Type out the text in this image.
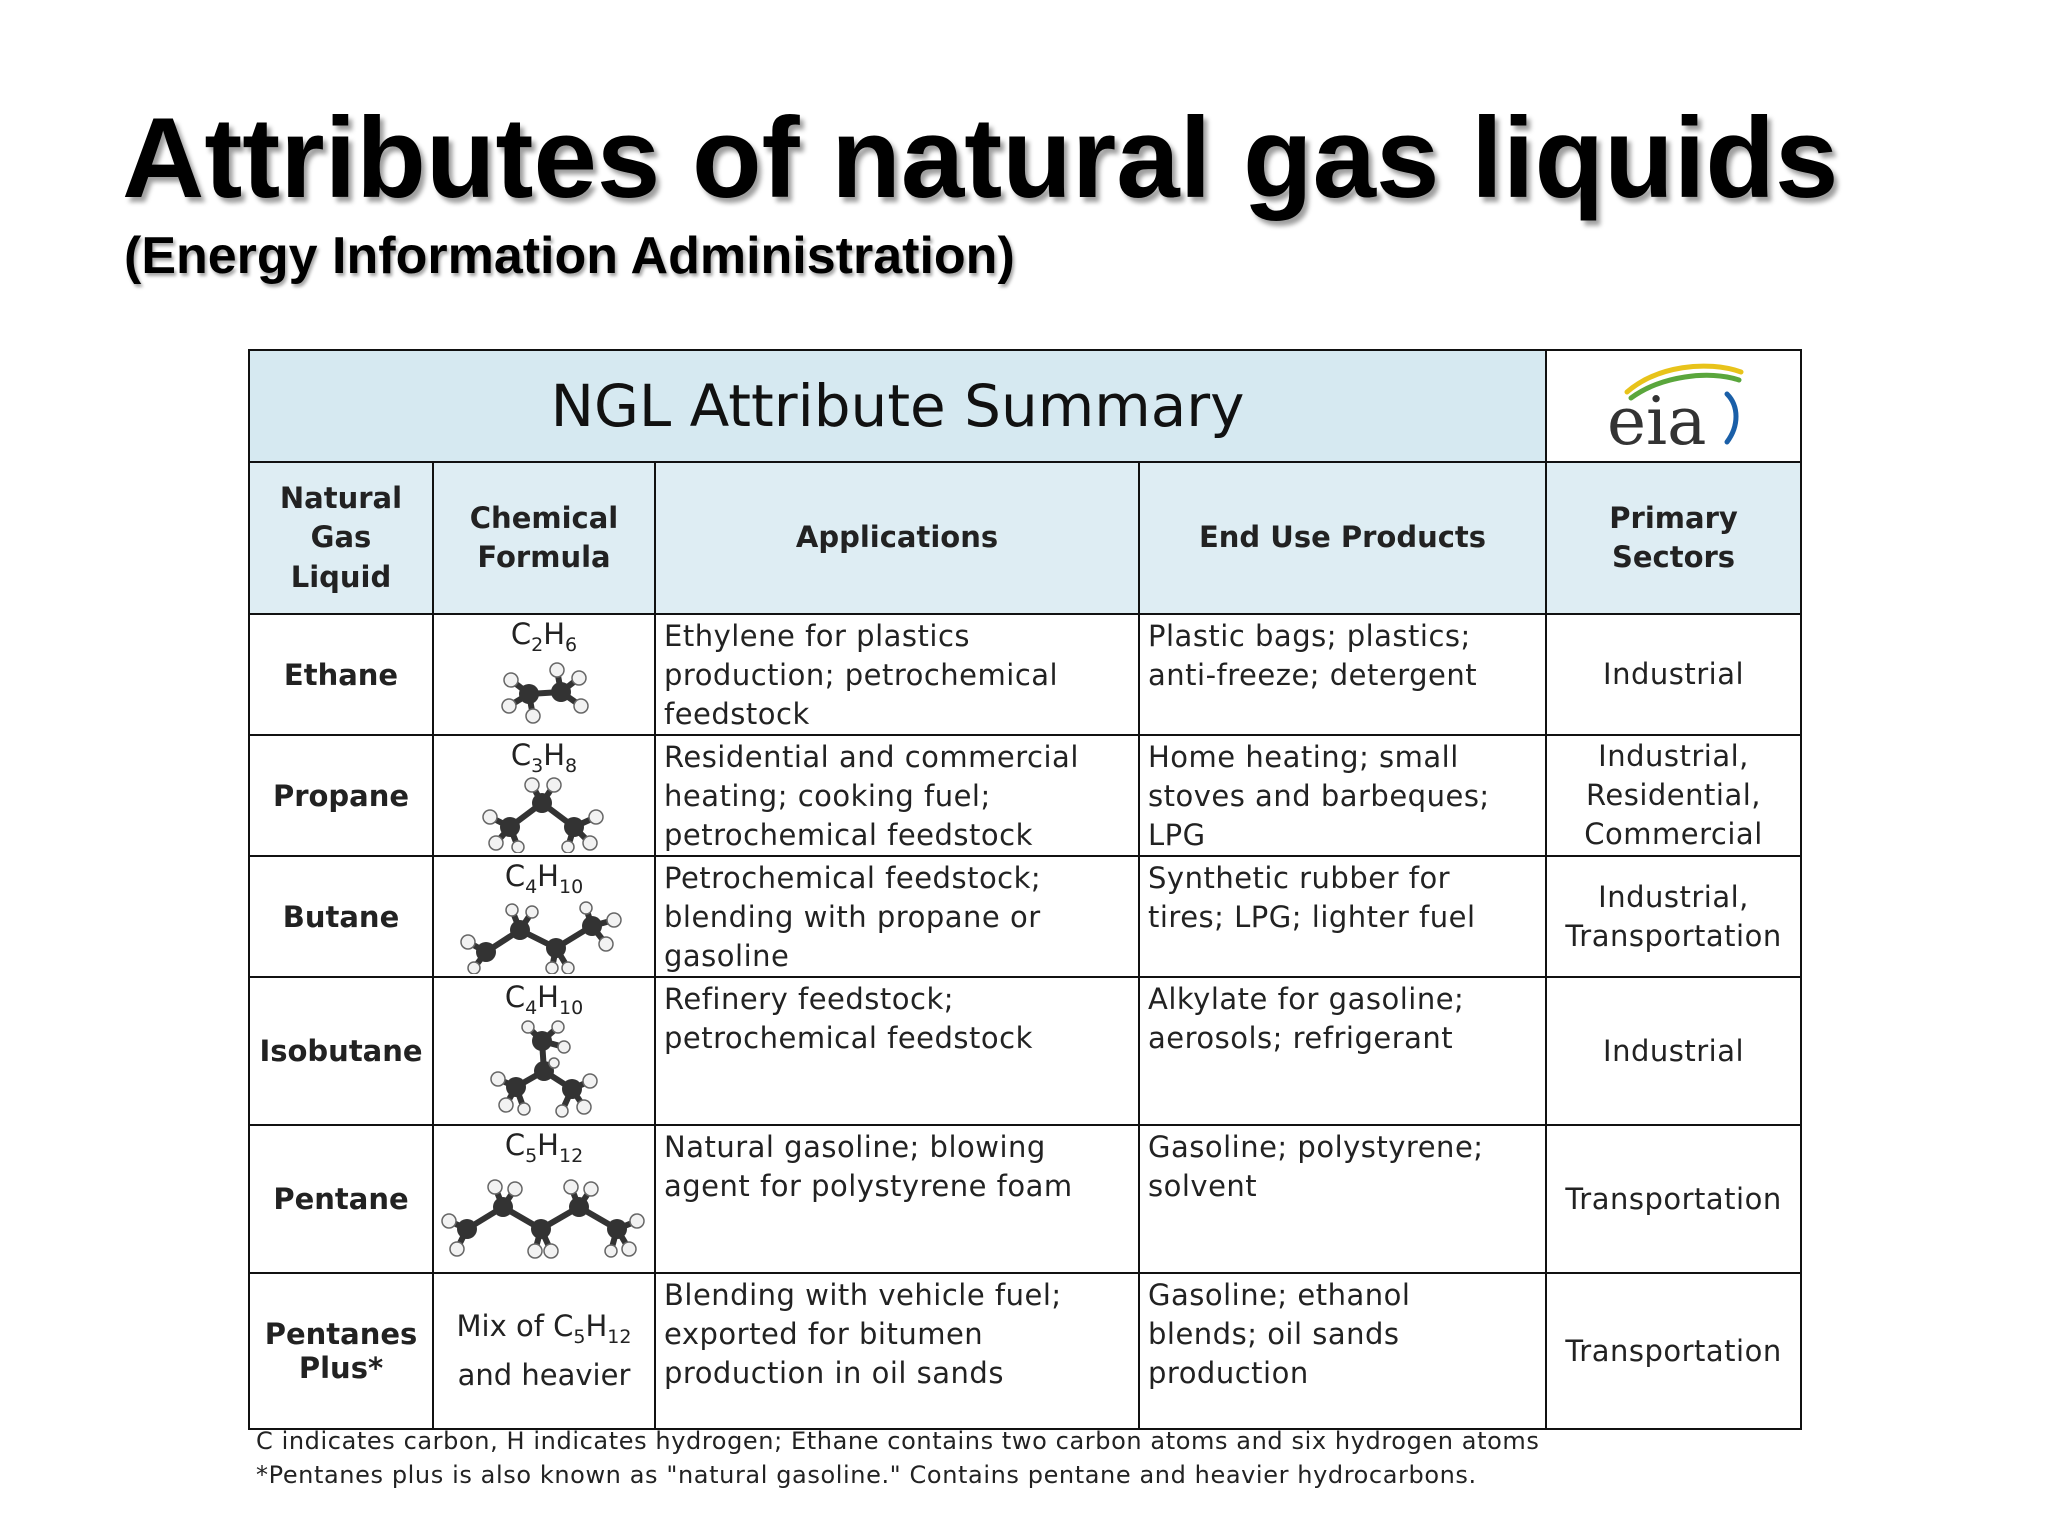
Attributes of natural gas liquids
(Energy Information Administration)
NGL Attribute Summary				eia

Natural
Gas
Liquid	Chemical
Formula	Applications	End Use Products	Primary
Sectors
Ethane	$C_2H_6$	Ethylene for plastics
production; petrochemical
feedstock	Plastic bags; plastics;
anti-freeze; detergent	Industrial
Propane	$C_3H_8$	Residential and commercial
heating; cooking fuel;
petrochemical feedstock	Home heating; small
stoves and barbeques;
LPG	Industrial,
Residential,
Commercial
Butane	$C_4H_{10}$	Petrochemical feedstock;
blending with propane or
gasoline	Synthetic rubber for
tires; LPG; lighter fuel	Industrial,
Transportation
Isobutane	$C_4H_{10}$	Refinery feedstock;
petrochemical feedstock	Alkylate for gasoline;
aerosols; refrigerant	Industrial
Pentane	$C_5H_{12}$	Natural gasoline; blowing
agent for polystyrene foam	Gasoline; polystyrene;
solvent	Transportation
Pentanes
Plus*	Mix of $C_5H_{12}$
and heavier	Blending with vehicle fuel;
exported for bitumen
production in oil sands	Gasoline; ethanol
blends; oil sands
production	Transportation
C indicates carbon, H indicates hydrogen; Ethane contains two carbon atoms and six hydrogen atoms
*Pentanes plus is also known as "natural gasoline." Contains pentane and heavier hydrocarbons.
